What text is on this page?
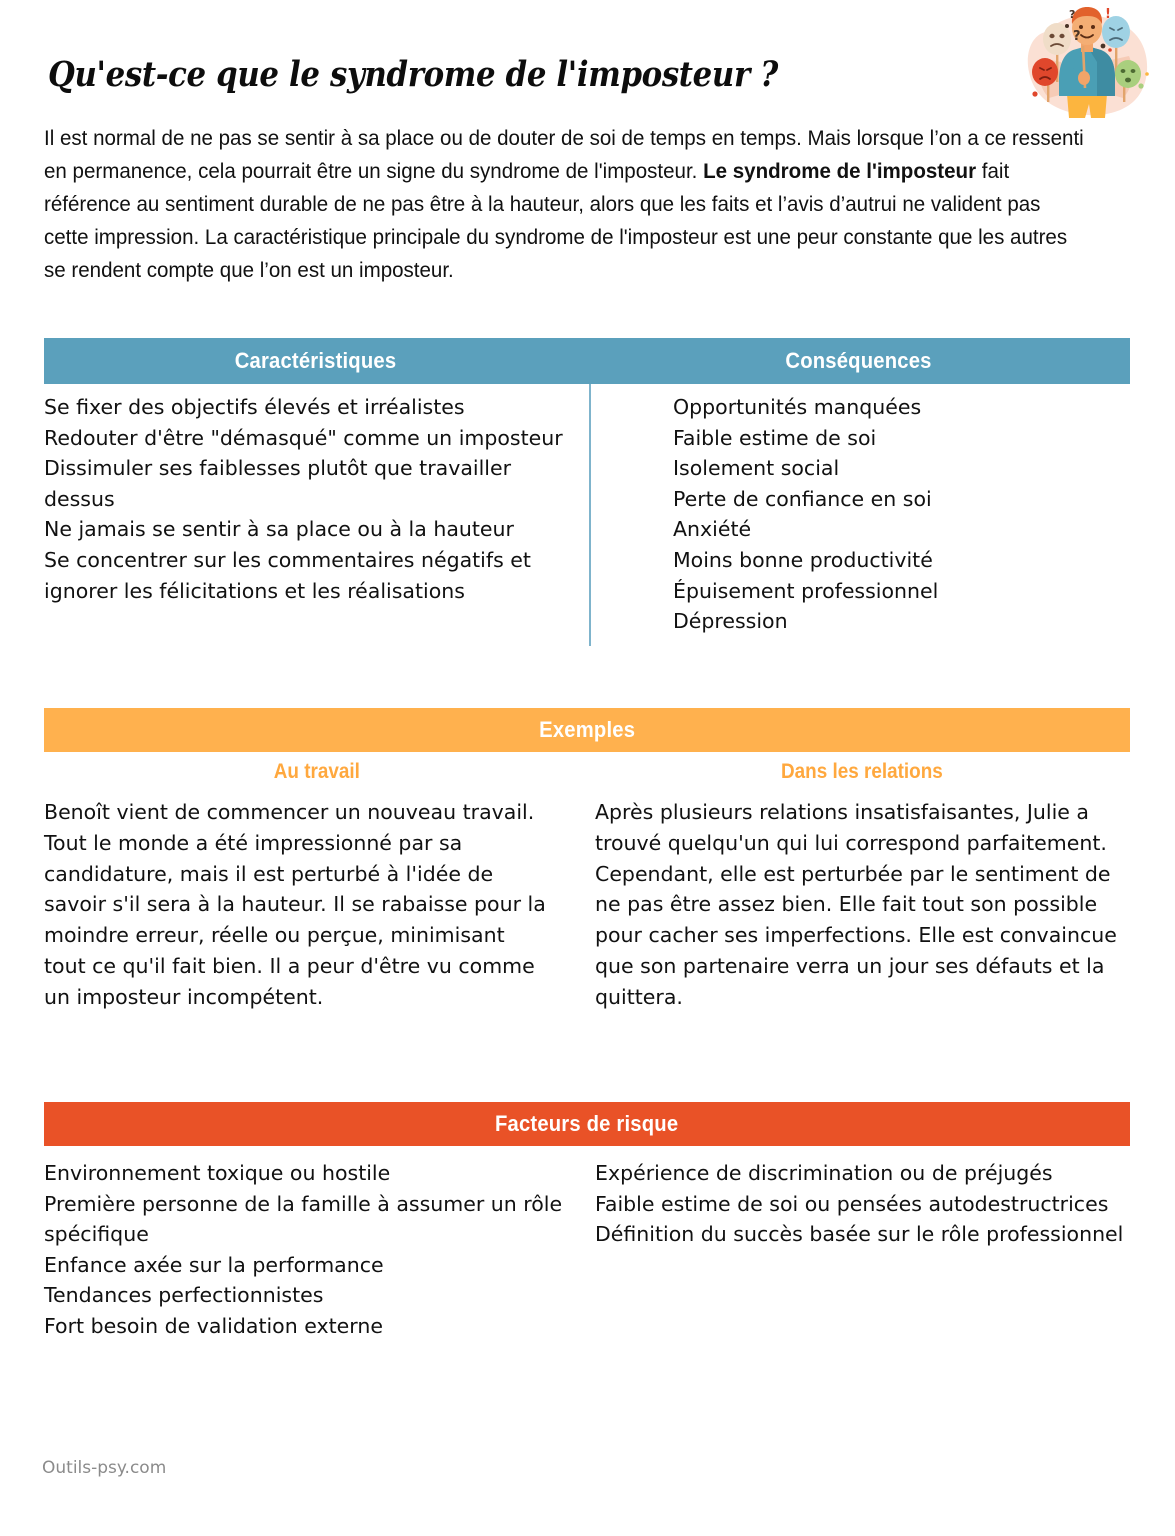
?
?
!
Qu'est-ce que le syndrome de l'imposteur ?
Il est normal de ne pas se sentir à sa place ou de douter de soi de temps en temps. Mais lorsque l’on a ce ressenti en permanence, cela pourrait être un signe du syndrome de l'imposteur. Le syndrome de l'imposteur fait référence au sentiment durable de ne pas être à la hauteur, alors que les faits et l’avis d’autrui ne valident pas cette impression. La caractéristique principale du syndrome de l'imposteur est une peur constante que les autres se rendent compte que l’on est un imposteur.
Caractéristiques	Conséquences
Se fixer des objectifs élevés et irréalistes
Redouter d'être "démasqué" comme un imposteur
Dissimuler ses faiblesses plutôt que travailler dessus
Ne jamais se sentir à sa place ou à la hauteur
Se concentrer sur les commentaires négatifs et ignorer les félicitations et les réalisations
Opportunités manquées
Faible estime de soi
Isolement social
Perte de confiance en soi
Anxiété
Moins bonne productivité
Épuisement professionnel
Dépression
Exemples
Au travail	Dans les relations

Benoît vient de commencer un nouveau travail. Tout le monde a été impressionné par sa candidature, mais il est perturbé à l'idée de savoir s'il sera à la hauteur. Il se rabaisse pour la moindre erreur, réelle ou perçue, minimisant tout ce qu'il fait bien. Il a peur d'être vu comme un imposteur incompétent.

Après plusieurs relations insatisfaisantes, Julie a trouvé quelqu'un qui lui correspond parfaitement. Cependant, elle est perturbée par le sentiment de ne pas être assez bien. Elle fait tout son possible pour cacher ses imperfections. Elle est convaincue que son partenaire verra un jour ses défauts et la quittera.

Facteurs de risque
Environnement toxique ou hostile
Première personne de la famille à assumer un rôle spécifique
Enfance axée sur la performance
Tendances perfectionnistes
Fort besoin de validation externe
Expérience de discrimination ou de préjugés
Faible estime de soi ou pensées autodestructrices
Définition du succès basée sur le rôle professionnel
Outils-psy.com
